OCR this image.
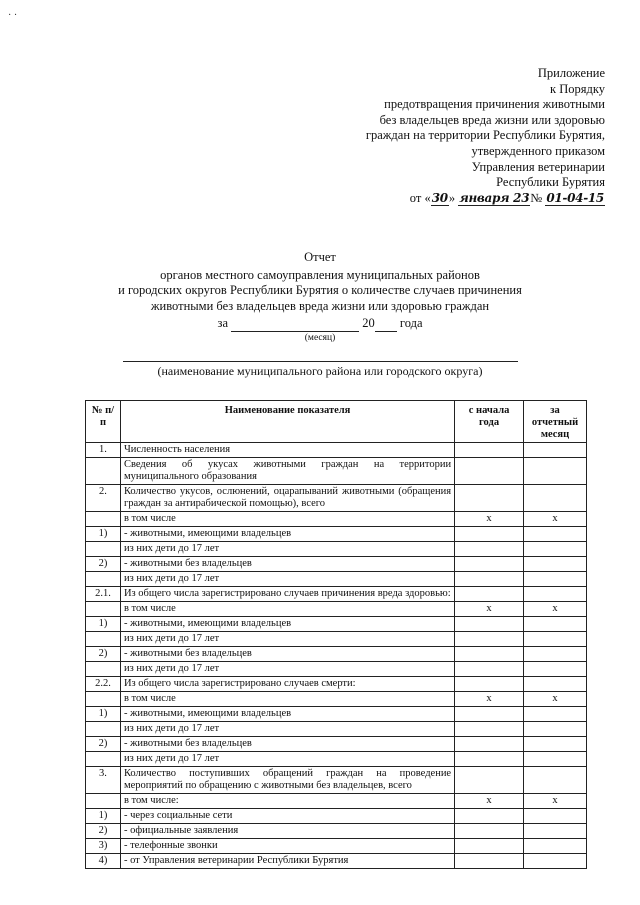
· ·
Приложение
к Порядку
предотвращения причинения животными
без владельцев вреда жизни или здоровью
граждан на территории Республики Бурятия,
утвержденного приказом
Управления ветеринарии
Республики Бурятия
от «30» января 23№ 01-04-15
Отчет
органов местного самоуправления муниципальных районов
и городских округов Республики Бурятия о количестве случаев причинения
животными без владельцев вреда жизни или здоровью граждан
за	20 года
(месяц)
(наименование муниципального района или городского округа)
№ п/п	Наименование показателя	с начала года	за отчетный месяц
1.	Численность населения		
	Сведения об укусах животными граждан на территории муниципального образования		
2.	Количество укусов, ослюнений, оцарапываний животными (обращения граждан за антирабической помощью), всего		
	в том числе	x	x
1)	- животными, имеющими владельцев		
	из них дети до 17 лет		
2)	- животными без владельцев		
	из них дети до 17 лет		
2.1.	Из общего числа зарегистрировано случаев причинения вреда здоровью:		
	в том числе	x	x
1)	- животными, имеющими владельцев		
	из них дети до 17 лет		
2)	- животными без владельцев		
	из них дети до 17 лет		
2.2.	Из общего числа зарегистрировано случаев смерти:		
	в том числе	x	x
1)	- животными, имеющими владельцев		
	из них дети до 17 лет		
2)	- животными без владельцев		
	из них дети до 17 лет		
3.	Количество поступивших обращений граждан на проведение мероприятий по обращению с животными без владельцев, всего		
	в том числе:	x	x
1)	- через социальные сети		
2)	- официальные заявления		
3)	- телефонные звонки		
4)	- от Управления ветеринарии Республики Бурятия		
